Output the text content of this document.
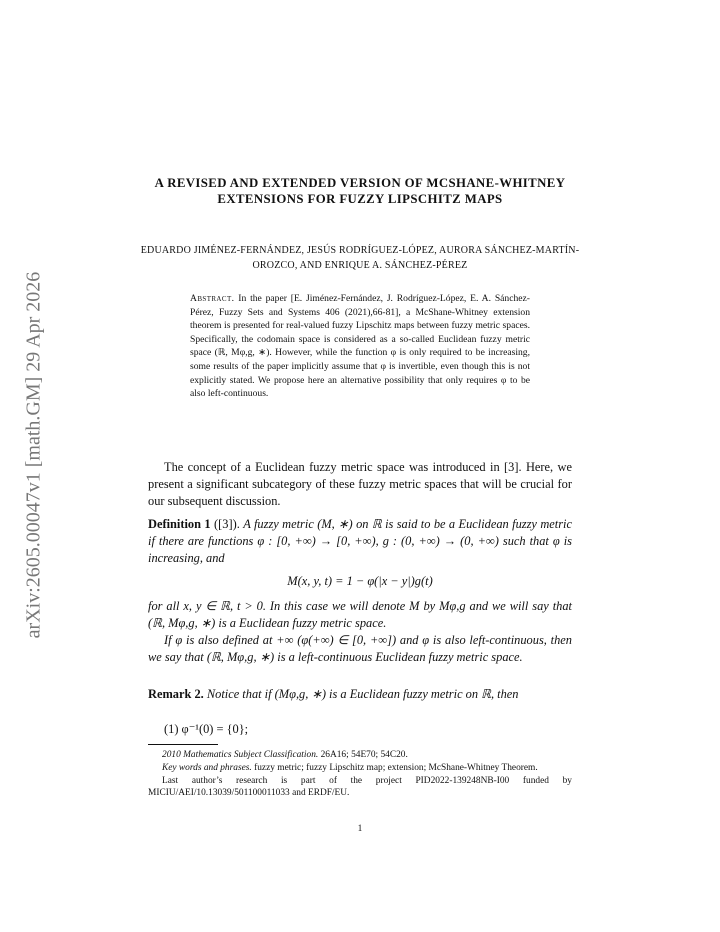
arXiv:2605.00047v1 [math.GM] 29 Apr 2026
A REVISED AND EXTENDED VERSION OF MCSHANE-WHITNEY EXTENSIONS FOR FUZZY LIPSCHITZ MAPS
EDUARDO JIMÉNEZ-FERNÁNDEZ, JESÚS RODRÍGUEZ-LÓPEZ, AURORA SÁNCHEZ-MARTÍN-OROZCO, AND ENRIQUE A. SÁNCHEZ-PÉREZ
Abstract. In the paper [E. Jiménez-Fernández, J. Rodríguez-López, E. A. Sánchez-Pérez, Fuzzy Sets and Systems 406 (2021),66-81], a McShane-Whitney extension theorem is presented for real-valued fuzzy Lipschitz maps between fuzzy metric spaces. Specifically, the codomain space is considered as a so-called Euclidean fuzzy metric space (ℝ, Mφ,g, ∗). However, while the function φ is only required to be increasing, some results of the paper implicitly assume that φ is invertible, even though this is not explicitly stated. We propose here an alternative possibility that only requires φ to be also left-continuous.
The concept of a Euclidean fuzzy metric space was introduced in [3]. Here, we present a significant subcategory of these fuzzy metric spaces that will be crucial for our subsequent discussion.
Definition 1 ([3]). A fuzzy metric (M, ∗) on ℝ is said to be a Euclidean fuzzy metric if there are functions φ : [0, +∞) → [0, +∞), g : (0, +∞) → (0, +∞) such that φ is increasing, and
M(x, y, t) = 1 − φ(|x − y|)g(t)
for all x, y ∈ ℝ, t > 0. In this case we will denote M by Mφ,g and we will say that (ℝ, Mφ,g, ∗) is a Euclidean fuzzy metric space.
If φ is also defined at +∞ (φ(+∞) ∈ [0, +∞]) and φ is also left-continuous, then we say that (ℝ, Mφ,g, ∗) is a left-continuous Euclidean fuzzy metric space.
Remark 2. Notice that if (Mφ,g, ∗) is a Euclidean fuzzy metric on ℝ, then
(1) φ⁻¹(0) = {0};

2010 Mathematics Subject Classification. 26A16; 54E70; 54C20.

Key words and phrases. fuzzy metric; fuzzy Lipschitz map; extension; McShane-Whitney Theorem.

Last author’s research is part of the project PID2022-139248NB-I00 funded by MICIU/AEI/10.13039/501100011033 and ERDF/EU.

1
